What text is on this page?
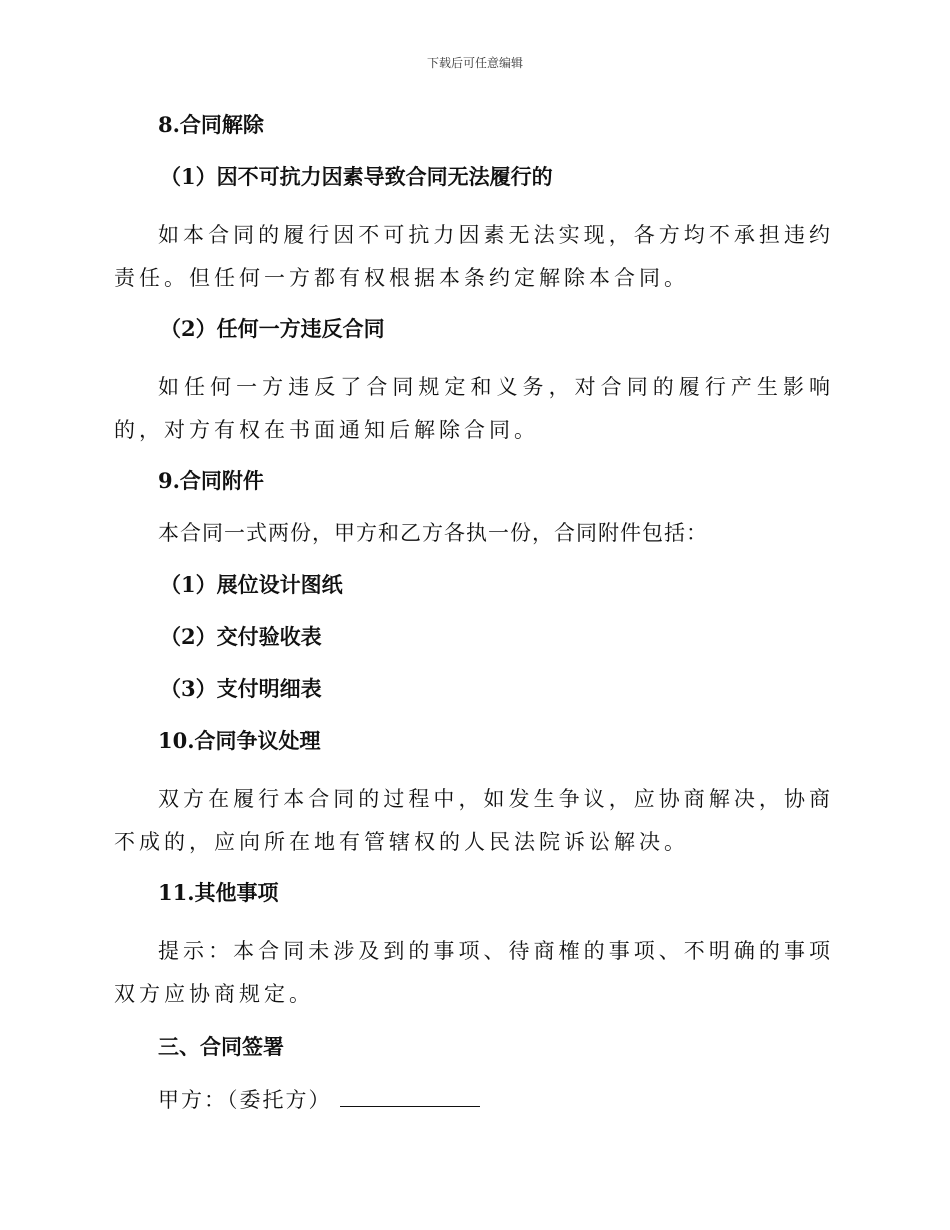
下载后可任意编辑
8.合同解除
（1）因不可抗力因素导致合同无法履行的
如本合同的履行因不可抗力因素无法实现，各方均不承担违约责任。但任何一方都有权根据本条约定解除本合同。
（2）任何一方违反合同
如任何一方违反了合同规定和义务，对合同的履行产生影响的，对方有权在书面通知后解除合同。
9.合同附件
本合同一式两份，甲方和乙方各执一份，合同附件包括：
（1）展位设计图纸
（2）交付验收表
（3）支付明细表
10.合同争议处理
双方在履行本合同的过程中，如发生争议，应协商解决，协商不成的，应向所在地有管辖权的人民法院诉讼解决。
11.其他事项
提示：本合同未涉及到的事项、待商榷的事项、不明确的事项双方应协商规定。
三、合同签署
甲方：（委托方）
